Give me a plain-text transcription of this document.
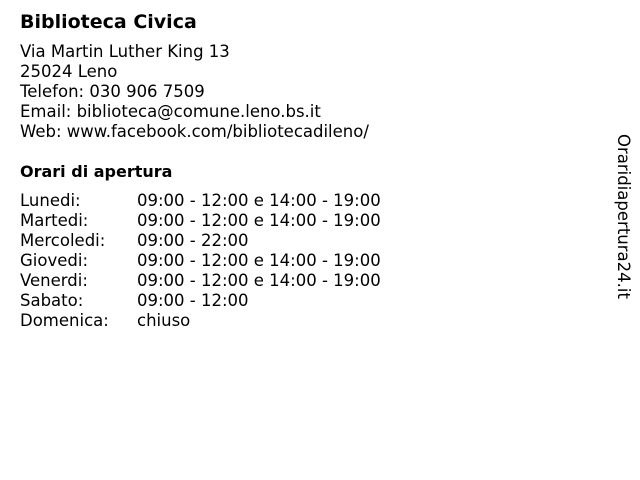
Biblioteca Civica
Via Martin Luther King 13
25024 Leno
Telefon: 030 906 7509
Email: biblioteca@comune.leno.bs.it
Web: www.facebook.com/bibliotecadileno/
Orari di apertura
Lunedi:	09:00 - 12:00 e 14:00 - 19:00
Martedi:	09:00 - 12:00 e 14:00 - 19:00
Mercoledi:	09:00 - 22:00
Giovedi:	09:00 - 12:00 e 14:00 - 19:00
Venerdi:	09:00 - 12:00 e 14:00 - 19:00
Sabato:	09:00 - 12:00
Domenica:	chiuso
Oraridiapertura24.it
